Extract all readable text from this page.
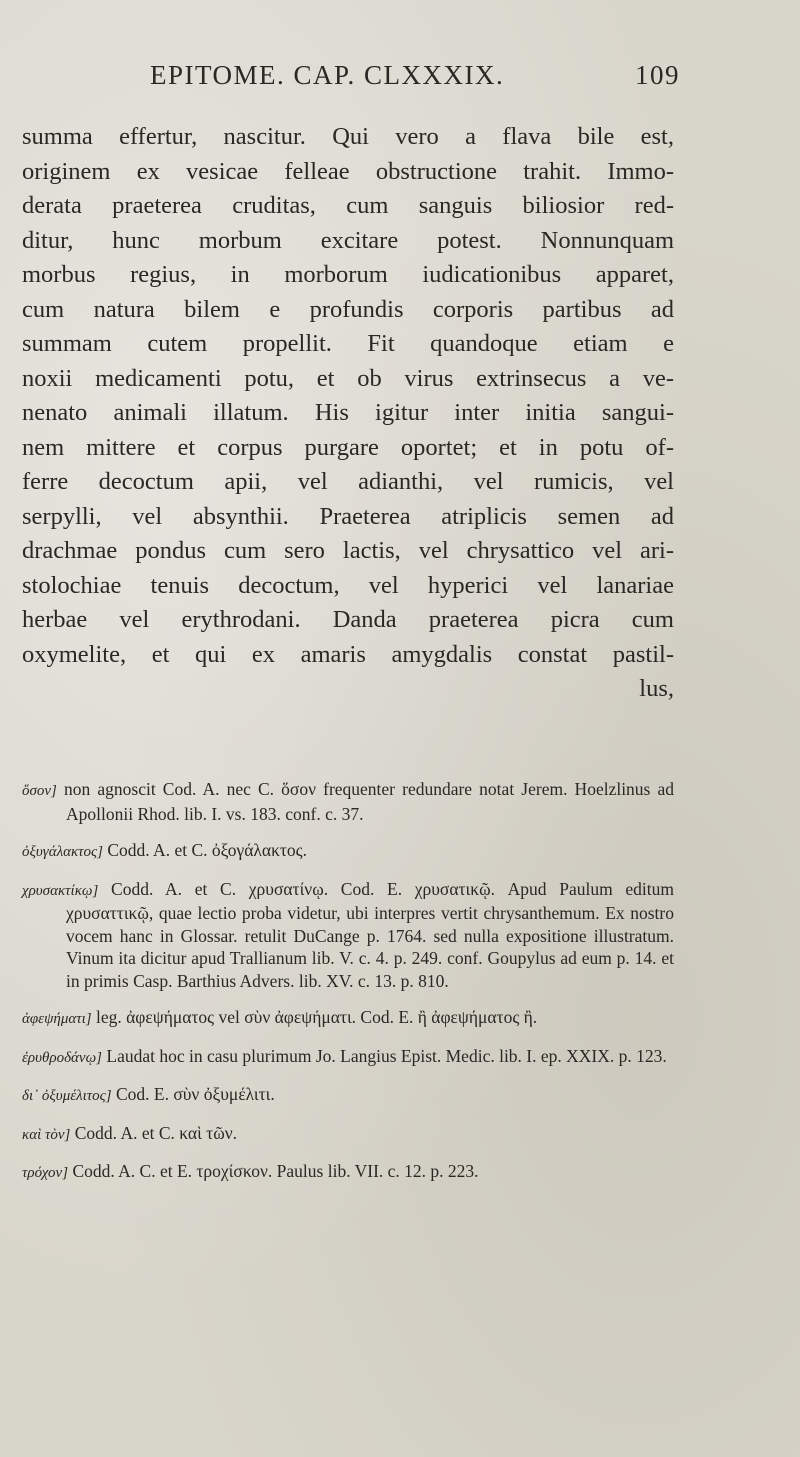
EPITOME. CAP. CLXXXIX.	109
summa effertur, nascitur. Qui vero a flava bile est,
originem ex vesicae felleae obstructione trahit. Immo-
derata praeterea cruditas, cum sanguis biliosior red-
ditur, hunc morbum excitare potest. Nonnunquam
morbus regius, in morborum iudicationibus apparet,
cum natura bilem e profundis corporis partibus ad
summam cutem propellit. Fit quandoque etiam e
noxii medicamenti potu, et ob virus extrinsecus a ve-
nenato animali illatum. His igitur inter initia sangui-
nem mittere et corpus purgare oportet; et in potu of-
ferre decoctum apii, vel adianthi, vel rumicis, vel
serpylli, vel absynthii. Praeterea atriplicis semen ad
drachmae pondus cum sero lactis, vel chrysattico vel ari-
stolochiae tenuis decoctum, vel hyperici vel lanariae
herbae vel erythrodani. Danda praeterea picra cum
oxymelite, et qui ex amaris amygdalis constat pastil-
lus,

ὅσον] non agnoscit Cod. A. nec C. ὅσον frequenter redundare notat Jerem. Hoelzlinus ad Apollonii Rhod. lib. I. vs. 183. conf. c. 37.

ὀξυγάλακτος] Codd. A. et C. ὀξογάλακτος.

χρυσακτίκῳ] Codd. A. et C. χρυσατίνῳ. Cod. E. χρυσατικῷ. Apud Paulum editum χρυσαττικῷ, quae lectio proba videtur, ubi interpres vertit chrysanthemum. Ex nostro vocem hanc in Glossar. retulit DuCange p. 1764. sed nulla expositione illustratum. Vinum ita dicitur apud Trallianum lib. V. c. 4. p. 249. conf. Goupylus ad eum p. 14. et in primis Casp. Barthius Advers. lib. XV. c. 13. p. 810.

ἀφεψήματι] leg. ἀφεψήματος vel σὺν ἀφεψήματι. Cod. E. ἢ ἀφεψήματος ἢ.

ἐρυθροδάνῳ] Laudat hoc in casu plurimum Jo. Langius Epist. Medic. lib. I. ep. XXIX. p. 123.

δι᾽ ὀξυμέλιτος] Cod. E. σὺν ὀξυμέλιτι.

καὶ τὸν] Codd. A. et C. καὶ τῶν.

τρόχον] Codd. A. C. et E. τροχίσκον. Paulus lib. VII. c. 12. p. 223.
